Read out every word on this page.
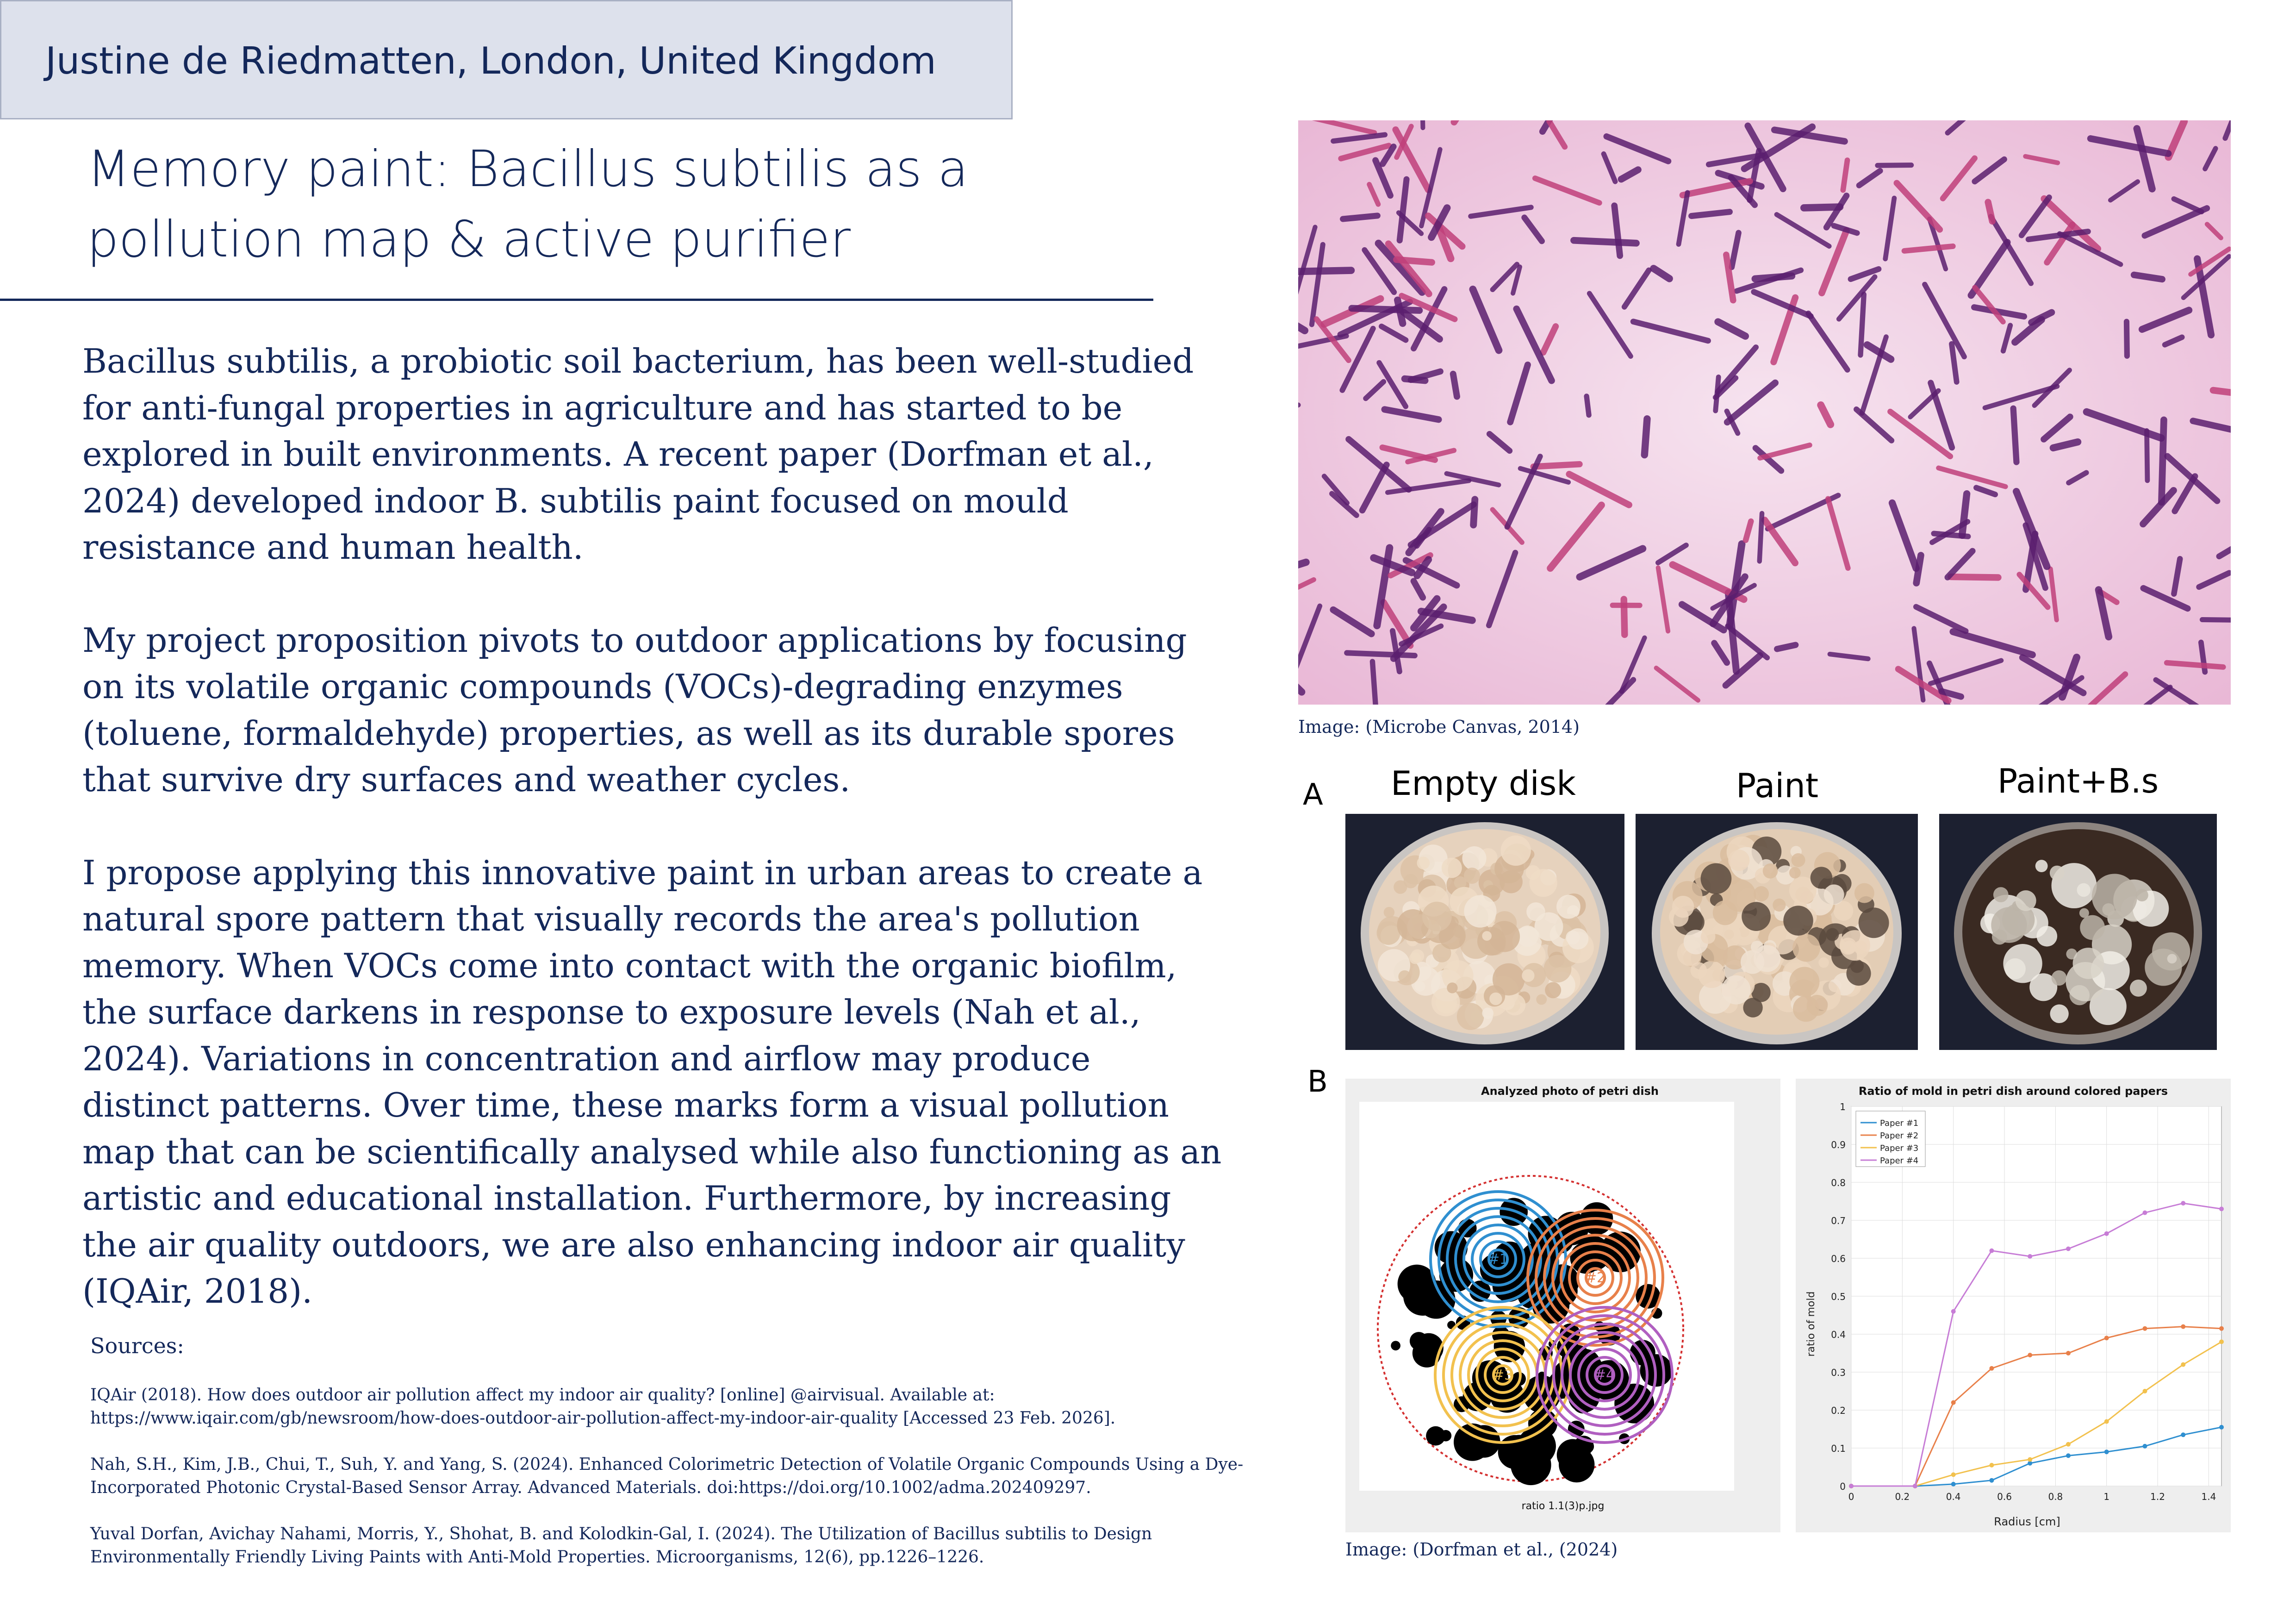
Justine de Riedmatten, London, United Kingdom
Memory paint: Bacillus subtilis as a
pollution map & active purifier

Bacillus subtilis, a probiotic soil bacterium, has been well-studied for anti-fungal properties in agriculture and has started to be explored in built environments. A recent paper (Dorfman et al., 2024) developed indoor B. subtilis paint focused on mould resistance and human health.

My project proposition pivots to outdoor applications by focusing on its volatile organic compounds (VOCs)-degrading enzymes (toluene, formaldehyde) properties, as well as its durable spores that survive dry surfaces and weather cycles.

I propose applying this innovative paint in urban areas to create a natural spore pattern that visually records the area's pollution memory. When VOCs come into contact with the organic biofilm, the surface darkens in response to exposure levels (Nah et al., 2024). Variations in concentration and airflow may produce distinct patterns. Over time, these marks form a visual pollution map that can be scientifically analysed while also functioning as an artistic and educational installation. Furthermore, by increasing the air quality outdoors, we are also enhancing indoor air quality (IQAir, 2018).

Sources:
IQAir (2018). How does outdoor air pollution affect my indoor air quality? [online] @airvisual. Available at: https://www.iqair.com/gb/newsroom/how-does-outdoor-air-pollution-affect-my-indoor-air-quality [Accessed 23 Feb. 2026].
Nah, S.H., Kim, J.B., Chui, T., Suh, Y. and Yang, S. (2024). Enhanced Colorimetric Detection of Volatile Organic Compounds Using a Dye-Incorporated Photonic Crystal-Based Sensor Array. Advanced Materials. doi:https://doi.org/10.1002/adma.202409297.
Yuval Dorfan, Avichay Nahami, Morris, Y., Shohat, B. and Kolodkin-Gal, I. (2024). The Utilization of Bacillus subtilis to Design Environmentally Friendly Living Paints with Anti-Mold Properties. Microorganisms, 12(6), pp.1226–1226.
Image: (Microbe Canvas, 2014)
A	Empty disk	Paint	Paint+B.s
B	Analyzed photo of petri dish
#1
#2
#3	#4
ratio 1.1(3)p.jpg
Ratio of mold in petri dish around colored papers
Radius [cm]
ratio of mold
0
0.1
0.2
0.3
0.4
0.5
0.6
0.7
0.8
0.9
1
0	0.2	0.4	0.6	0.8	1	1.2	1.4
Paper #1
Paper #2
Paper #3
Paper #4
Image: (Dorfman et al., (2024)
